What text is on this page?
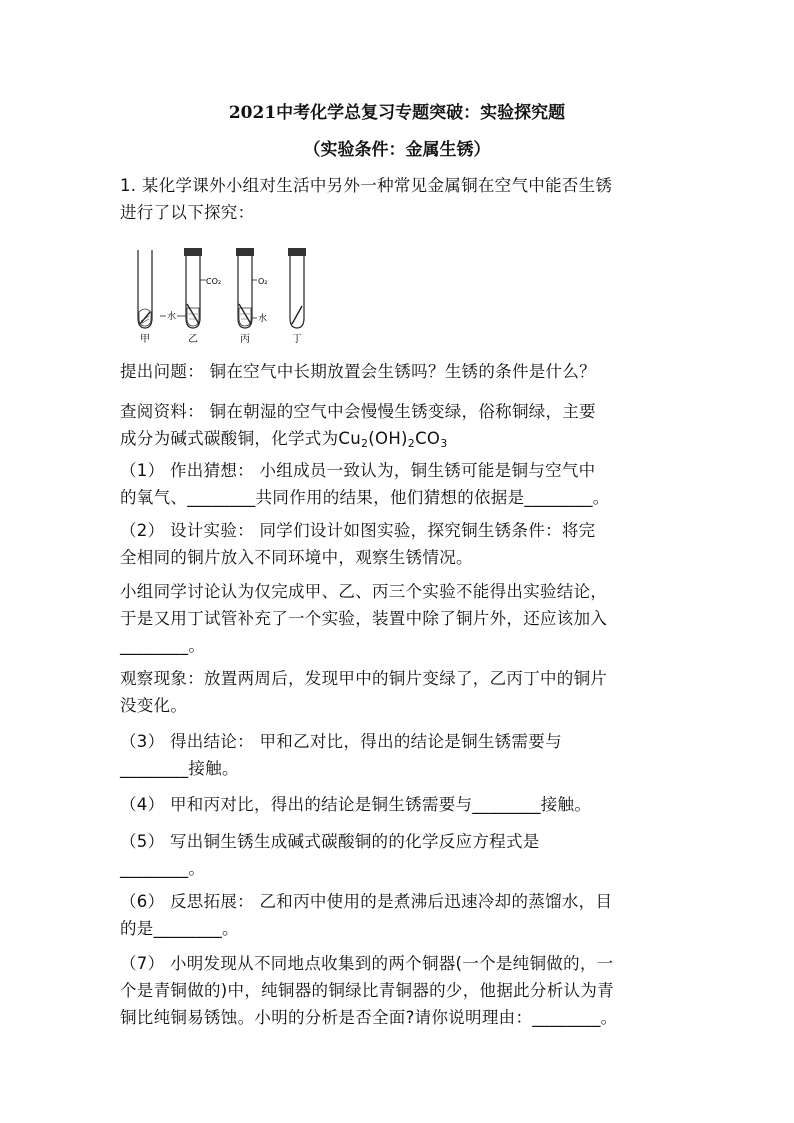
2021中考化学总复习专题突破：实验探究题
（实验条件：金属生锈）
1. 某化学课外小组对生活中另外一种常见金属铜在空气中能否生锈
进行了以下探究：
水
CO₂	O₂
水
甲	乙	丙	丁
提出问题： 铜在空气中长期放置会生锈吗？生锈的条件是什么？
查阅资料： 铜在朝湿的空气中会慢慢生锈变绿，俗称铜绿，主要
成分为碱式碳酸铜，化学式为$Cu_2(OH)_2CO_3$
（1） 作出猜想： 小组成员一致认为，铜生锈可能是铜与空气中
的氧气、________共同作用的结果，他们猜想的依据是________。
（2） 设计实验： 同学们设计如图实验，探究铜生锈条件：将完
全相同的铜片放入不同环境中，观察生锈情况。
小组同学讨论认为仅完成甲、乙、丙三个实验不能得出实验结论，
于是又用丁试管补充了一个实验，装置中除了铜片外，还应该加入
________。
观察现象：放置两周后，发现甲中的铜片变绿了，乙丙丁中的铜片
没变化。
（3） 得出结论： 甲和乙对比，得出的结论是铜生锈需要与
________接触。
（4） 甲和丙对比，得出的结论是铜生锈需要与________接触。
（5） 写出铜生锈生成碱式碳酸铜的的化学反应方程式是
________。
（6） 反思拓展： 乙和丙中使用的是煮沸后迅速冷却的蒸馏水，目
的是________。
（7） 小明发现从不同地点收集到的两个铜器(一个是纯铜做的，一
个是青铜做的)中，纯铜器的铜绿比青铜器的少，他据此分析认为青
铜比纯铜易锈蚀。小明的分析是否全面?请你说明理由：________。
